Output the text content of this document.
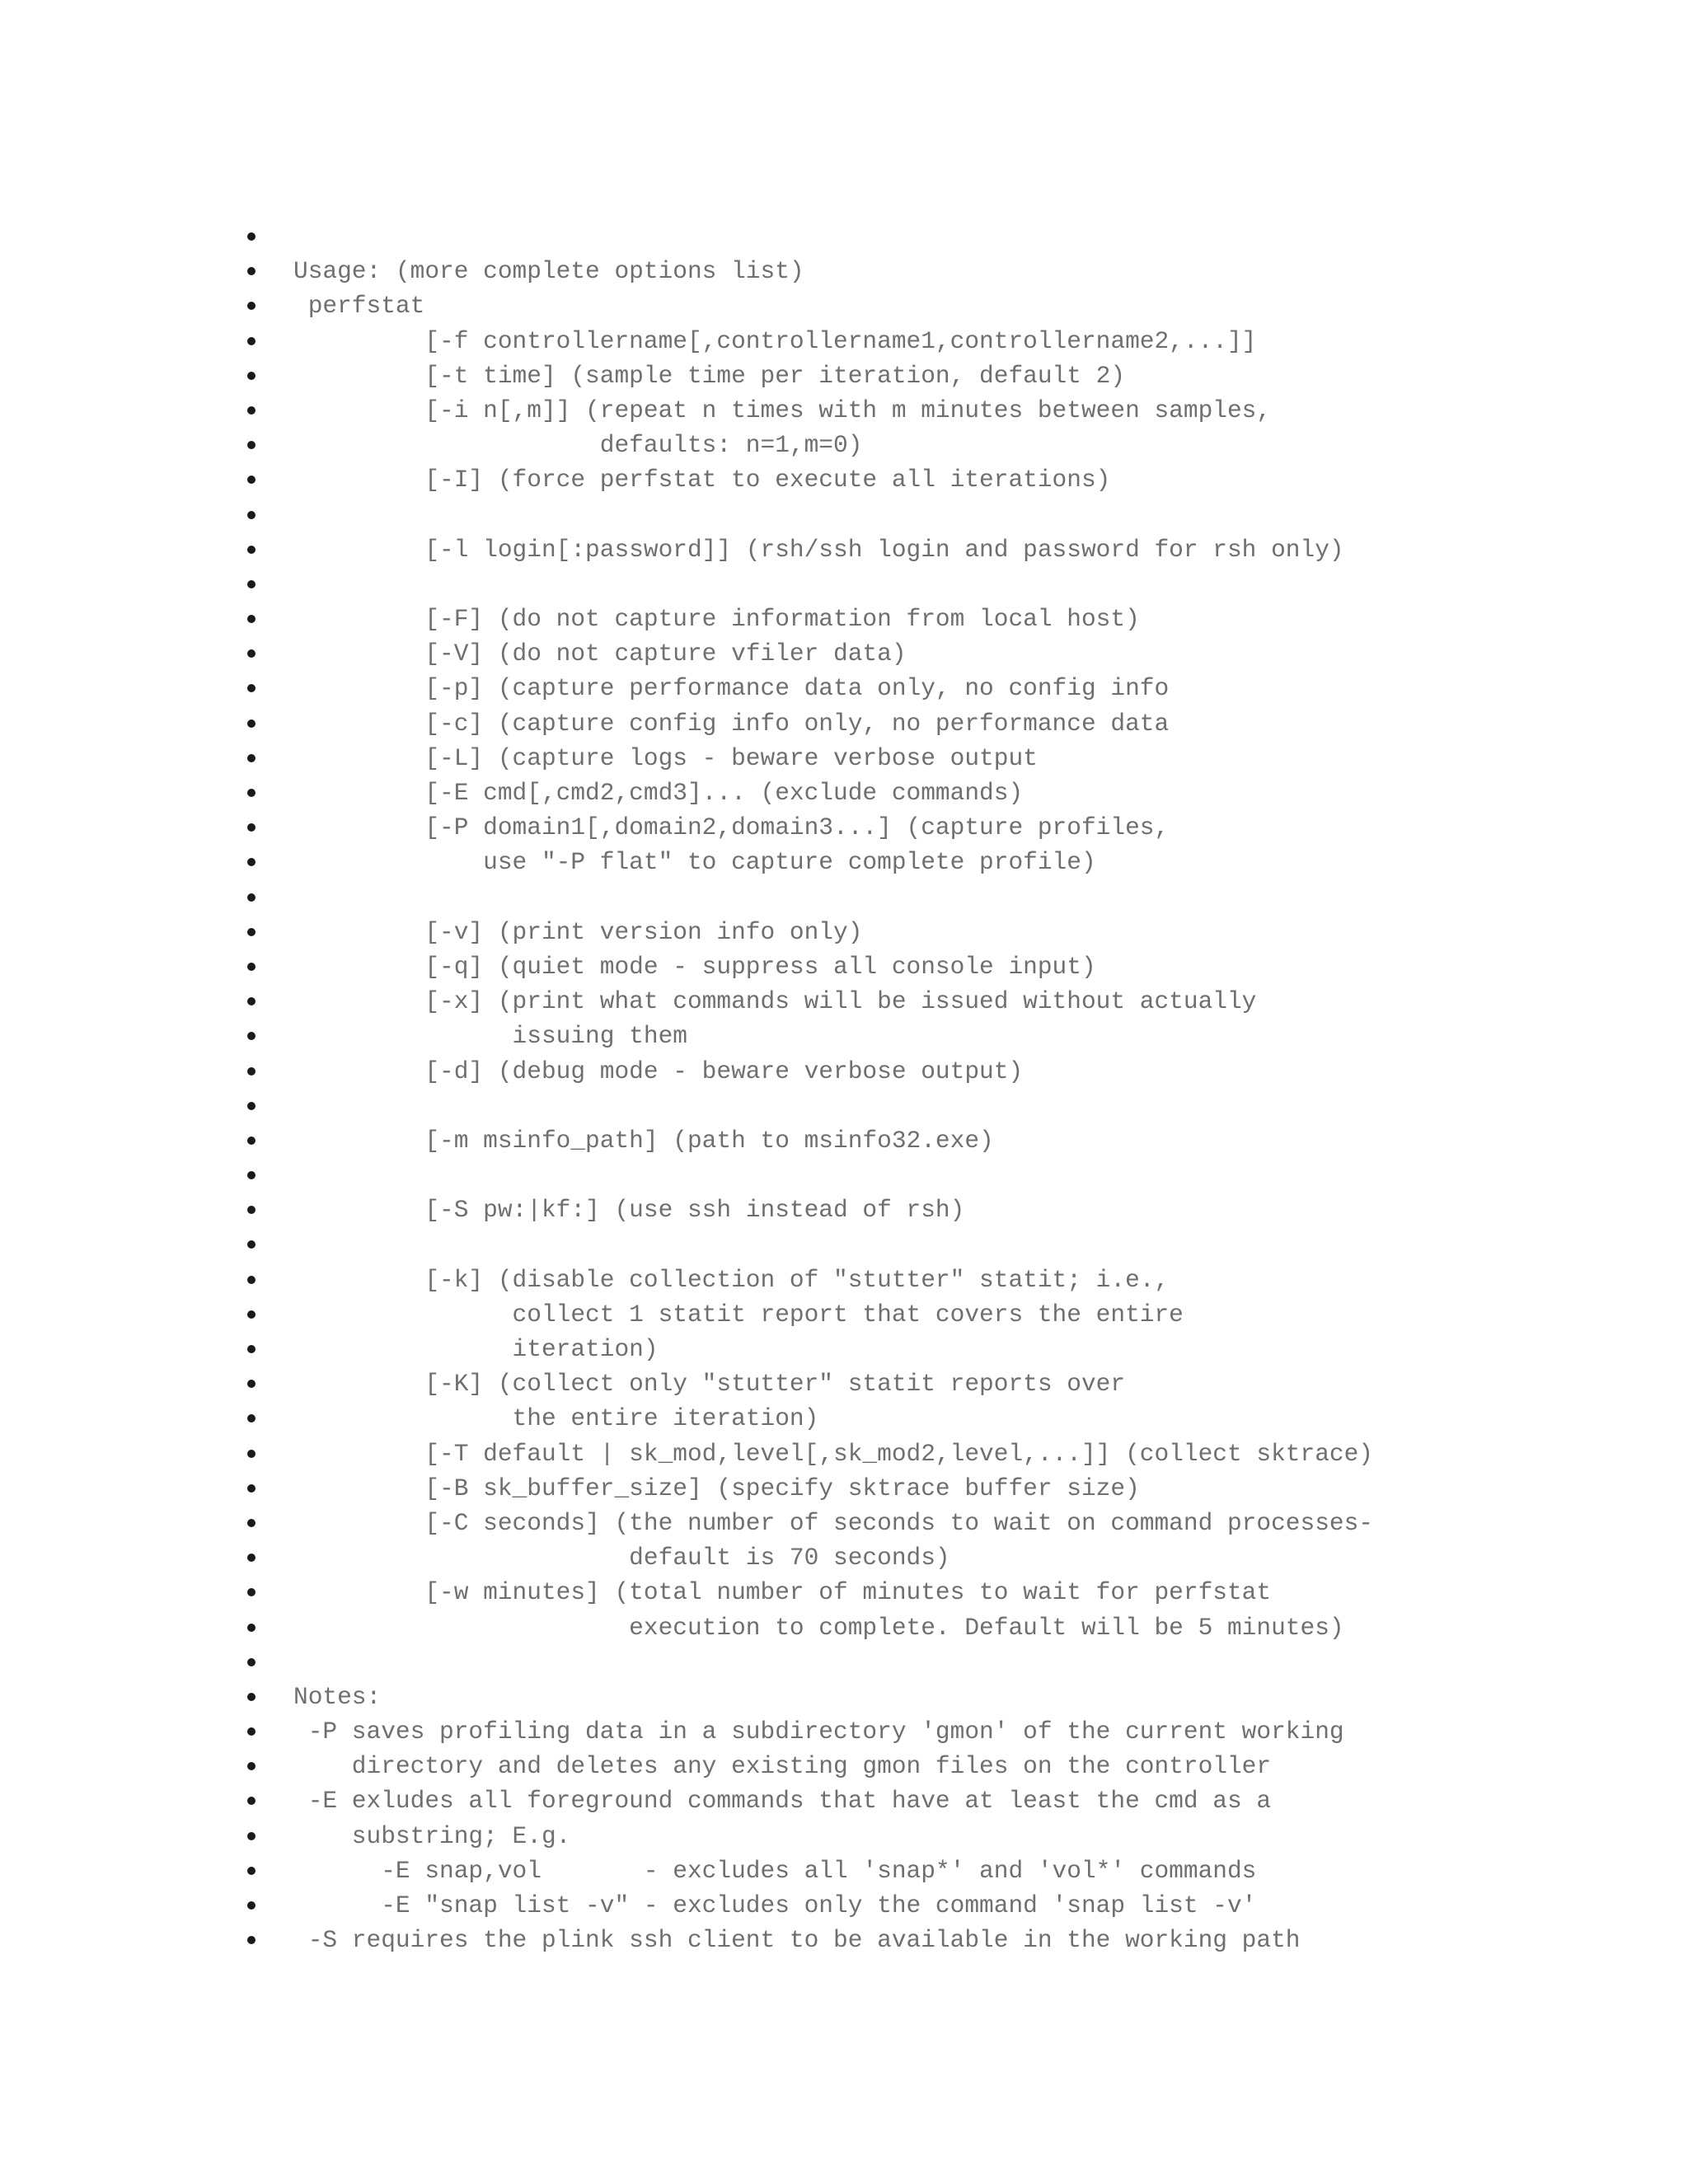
Usage: (more complete options list)
perfstat
[-f controllername[,controllername1,controllername2,...]]
[-t time] (sample time per iteration, default 2)
[-i n[,m]] (repeat n times with m minutes between samples,
defaults: n=1,m=0)
[-I] (force perfstat to execute all iterations)
[-l login[:password]] (rsh/ssh login and password for rsh only)
[-F] (do not capture information from local host)
[-V] (do not capture vfiler data)
[-p] (capture performance data only, no config info
[-c] (capture config info only, no performance data
[-L] (capture logs - beware verbose output
[-E cmd[,cmd2,cmd3]... (exclude commands)
[-P domain1[,domain2,domain3...] (capture profiles,
use "-P flat" to capture complete profile)
[-v] (print version info only)
[-q] (quiet mode - suppress all console input)
[-x] (print what commands will be issued without actually
issuing them
[-d] (debug mode - beware verbose output)
[-m msinfo_path] (path to msinfo32.exe)
[-S pw:|kf:] (use ssh instead of rsh)
[-k] (disable collection of "stutter" statit; i.e.,
collect 1 statit report that covers the entire
iteration)
[-K] (collect only "stutter" statit reports over
the entire iteration)
[-T default | sk_mod,level[,sk_mod2,level,...]] (collect sktrace)
[-B sk_buffer_size] (specify sktrace buffer size)
[-C seconds] (the number of seconds to wait on command processes-
default is 70 seconds)
[-w minutes] (total number of minutes to wait for perfstat
execution to complete. Default will be 5 minutes)
Notes:
-P saves profiling data in a subdirectory 'gmon' of the current working
directory and deletes any existing gmon files on the controller
-E exludes all foreground commands that have at least the cmd as a
substring; E.g.
-E snap,vol       - excludes all 'snap*' and 'vol*' commands
-E "snap list -v" - excludes only the command 'snap list -v'
-S requires the plink ssh client to be available in the working path
